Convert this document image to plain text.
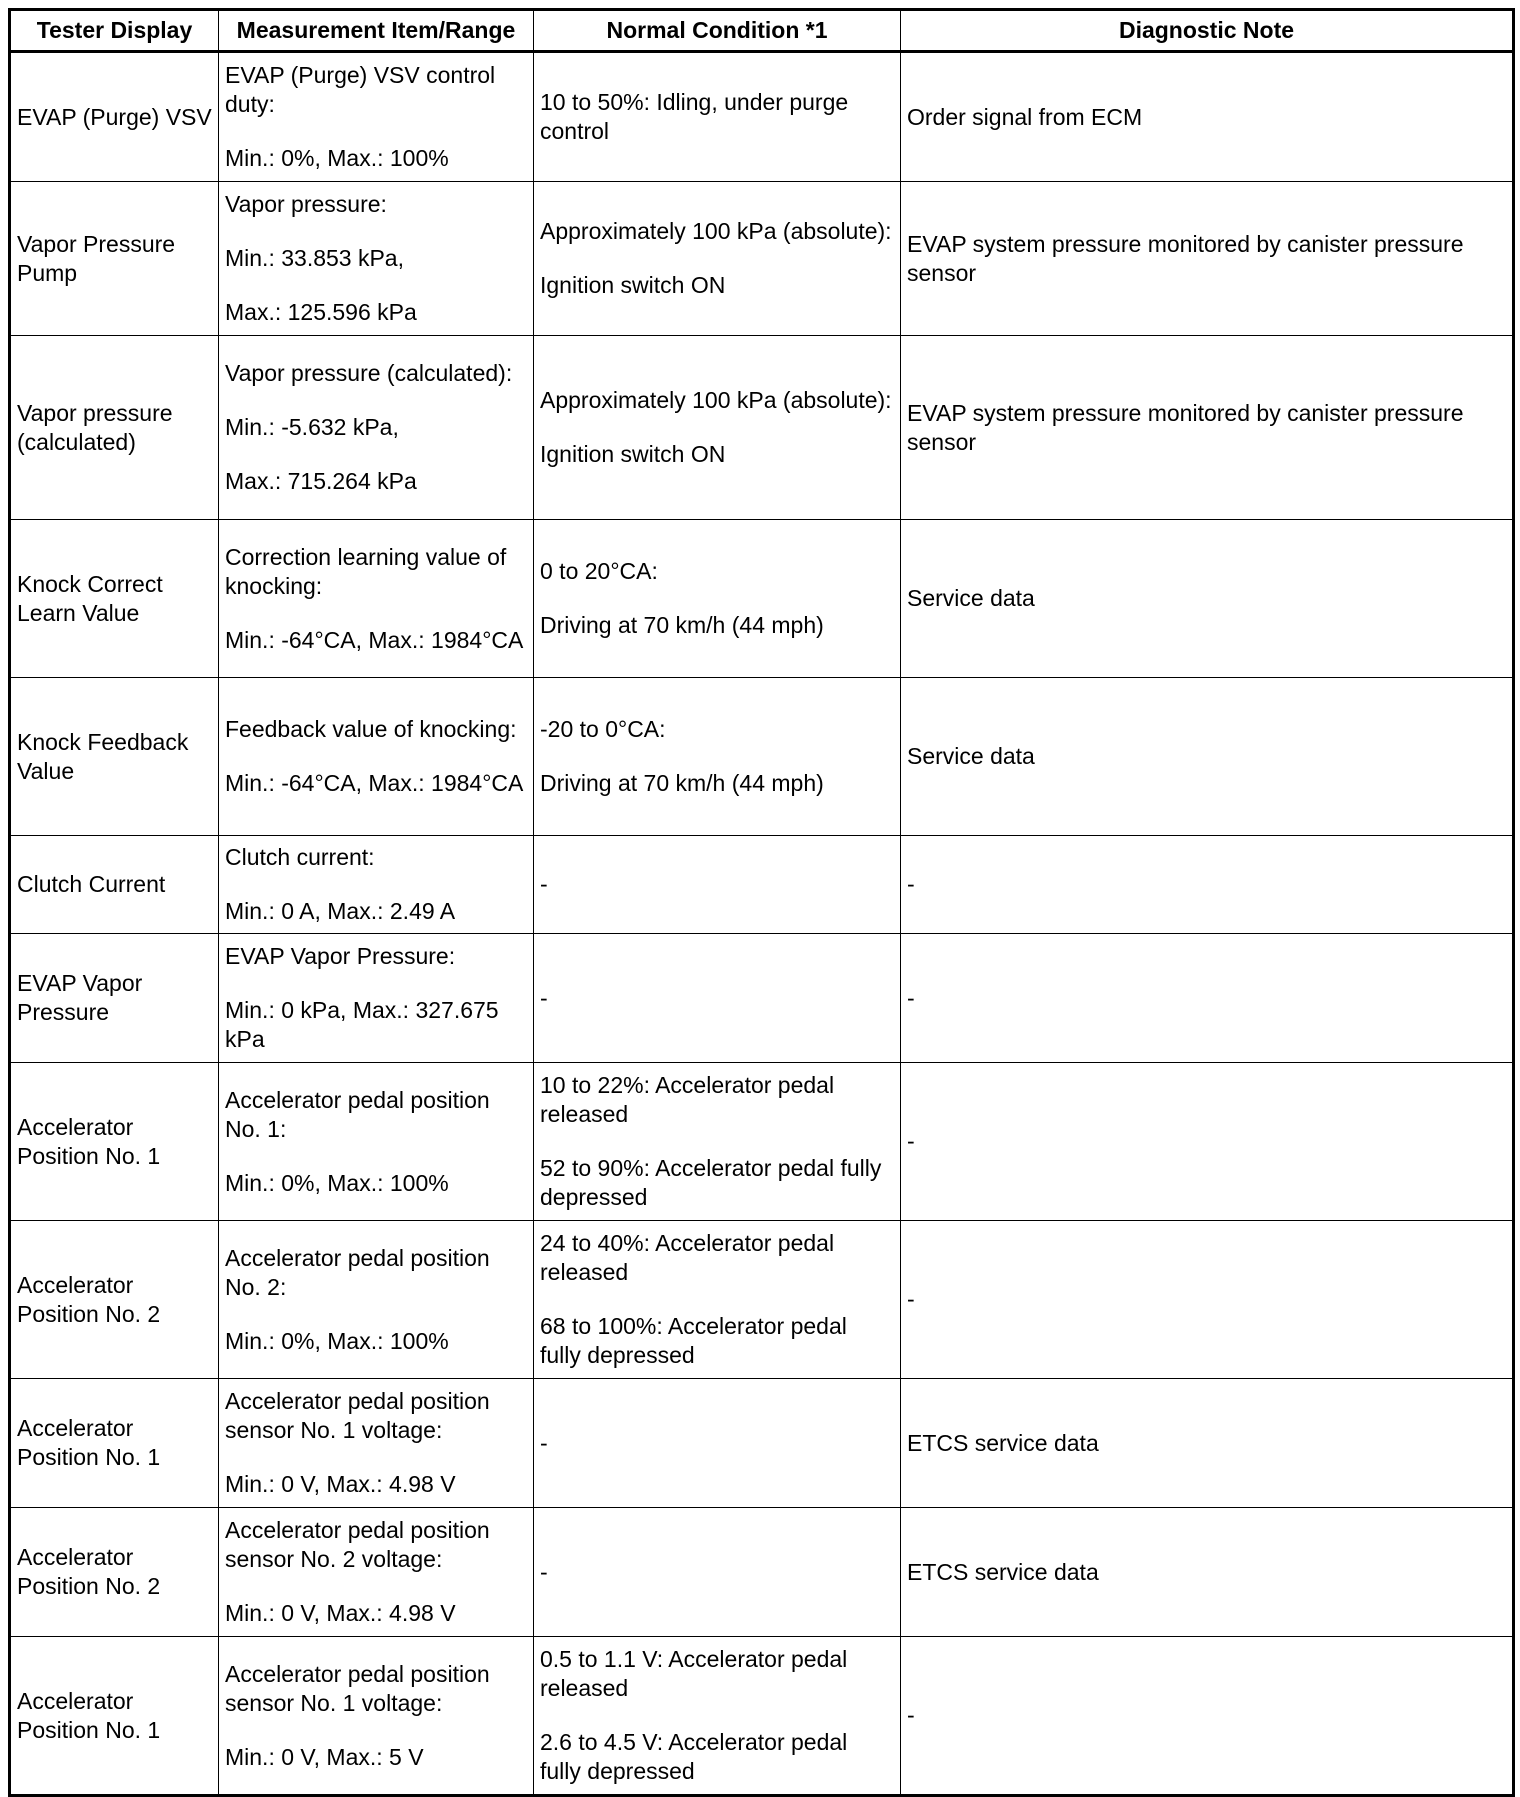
Tester Display	Measurement Item/Range	Normal Condition *1	Diagnostic Note

EVAP (Purge) VSV	EVAP (Purge) VSV control duty:
Min.: 0%, Max.: 100%	10 to 50%: Idling, under purge control	Order signal from ECM

Vapor Pressure Pump	Vapor pressure:
Min.: 33.853 kPa,
Max.: 125.596 kPa	Approximately 100 kPa (absolute):
Ignition switch ON	EVAP system pressure monitored by canister pressure sensor

Vapor pressure (calculated)	Vapor pressure (calculated):
Min.: -5.632 kPa,
Max.: 715.264 kPa	Approximately 100 kPa (absolute):
Ignition switch ON	EVAP system pressure monitored by canister pressure sensor

Knock Correct Learn Value	Correction learning value of knocking:
Min.: -64°CA, Max.: 1984°CA	0 to 20°CA:
Driving at 70 km/h (44 mph)	Service data

Knock Feedback Value	Feedback value of knocking:
Min.: -64°CA, Max.: 1984°CA	-20 to 0°CA:
Driving at 70 km/h (44 mph)	Service data

Clutch Current	Clutch current:
Min.: 0 A, Max.: 2.49 A	-	-

EVAP Vapor Pressure	EVAP Vapor Pressure:
Min.: 0 kPa, Max.: 327.675 kPa	-	-

Accelerator Position No. 1	Accelerator pedal position No. 1:
Min.: 0%, Max.: 100%	10 to 22%: Accelerator pedal released
52 to 90%: Accelerator pedal fully depressed	-

Accelerator Position No. 2	Accelerator pedal position No. 2:
Min.: 0%, Max.: 100%	24 to 40%: Accelerator pedal released
68 to 100%: Accelerator pedal fully depressed	-

Accelerator Position No. 1	Accelerator pedal position sensor No. 1 voltage:
Min.: 0 V, Max.: 4.98 V	-	ETCS service data

Accelerator Position No. 2	Accelerator pedal position sensor No. 2 voltage:
Min.: 0 V, Max.: 4.98 V	-	ETCS service data

Accelerator Position No. 1	Accelerator pedal position sensor No. 1 voltage:
Min.: 0 V, Max.: 5 V	0.5 to 1.1 V: Accelerator pedal released
2.6 to 4.5 V: Accelerator pedal fully depressed	-
